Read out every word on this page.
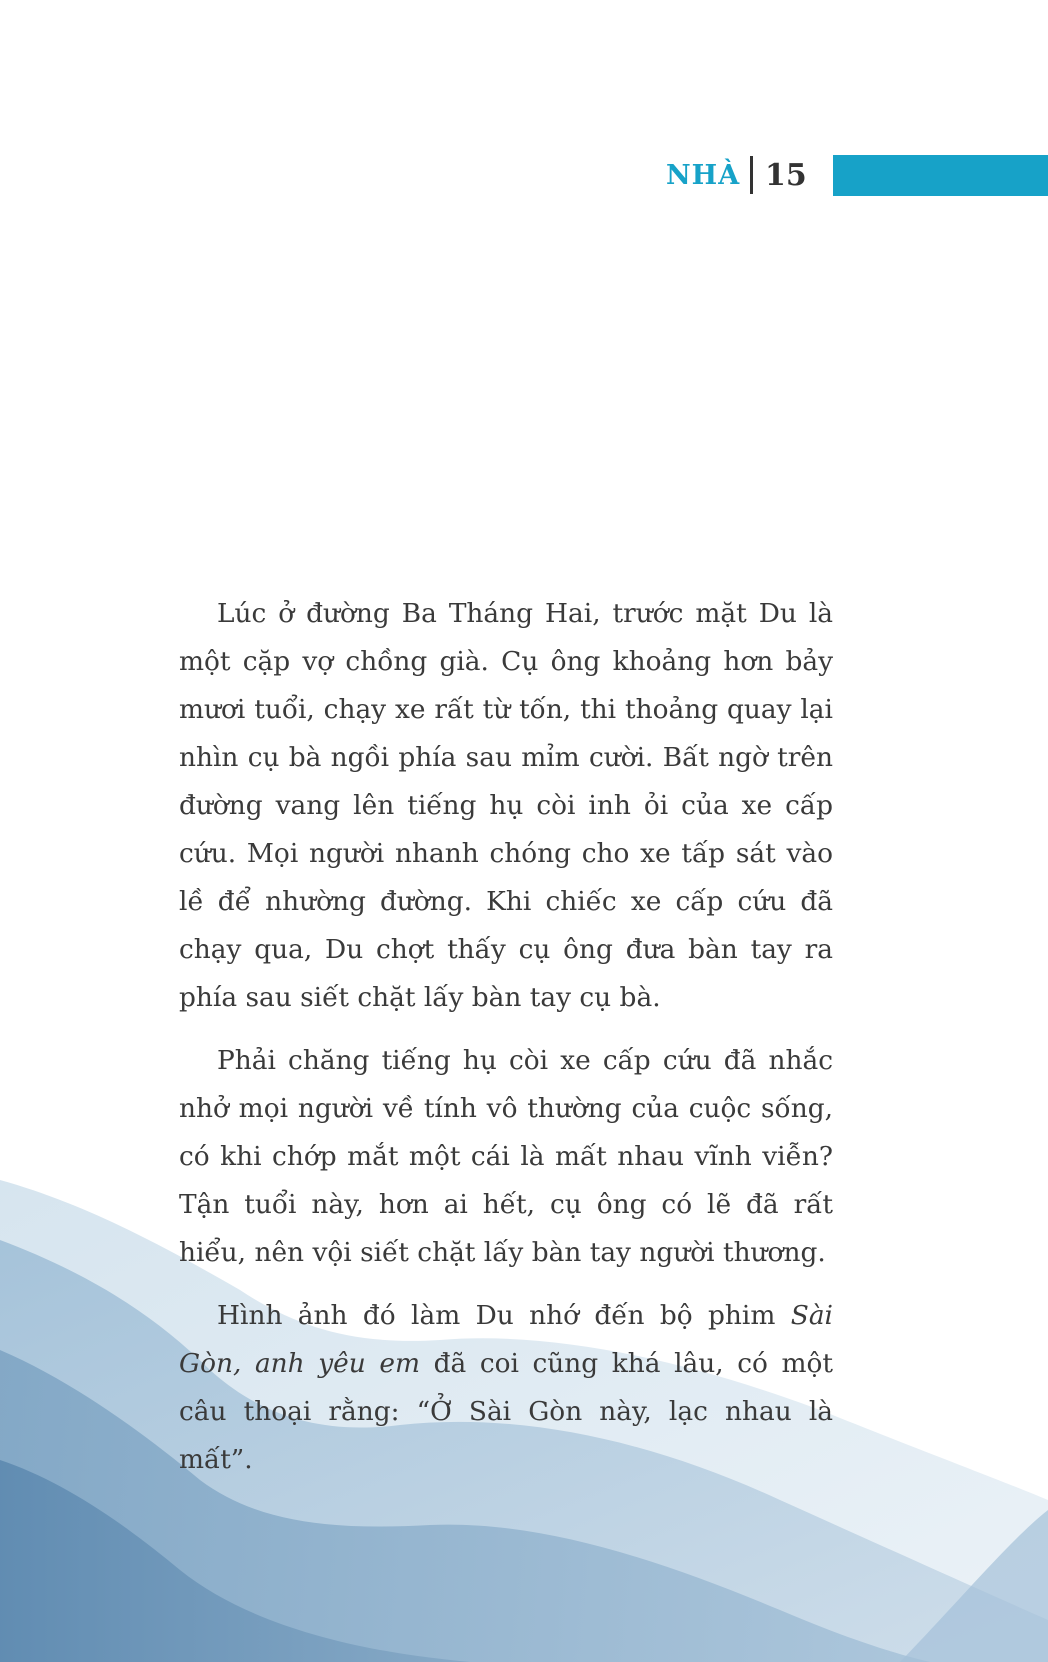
NHÀ 15

Lúc ở đường Ba Tháng Hai, trước mặt Du là một cặp vợ chồng già. Cụ ông khoảng hơn bảy mươi tuổi, chạy xe rất từ tốn, thi thoảng quay lại nhìn cụ bà ngồi phía sau mỉm cười. Bất ngờ trên đường vang lên tiếng hụ còi inh ỏi của xe cấp cứu. Mọi người nhanh chóng cho xe tấp sát vào lề để nhường đường. Khi chiếc xe cấp cứu đã chạy qua, Du chợt thấy cụ ông đưa bàn tay ra phía sau siết chặt lấy bàn tay cụ bà.

Phải chăng tiếng hụ còi xe cấp cứu đã nhắc nhở mọi người về tính vô thường của cuộc sống, có khi chớp mắt một cái là mất nhau vĩnh viễn? Tận tuổi này, hơn ai hết, cụ ông có lẽ đã rất hiểu, nên vội siết chặt lấy bàn tay người thương.

Hình ảnh đó làm Du nhớ đến bộ phim Sài Gòn, anh yêu em đã coi cũng khá lâu, có một câu thoại rằng: “Ở Sài Gòn này, lạc nhau là mất”.
